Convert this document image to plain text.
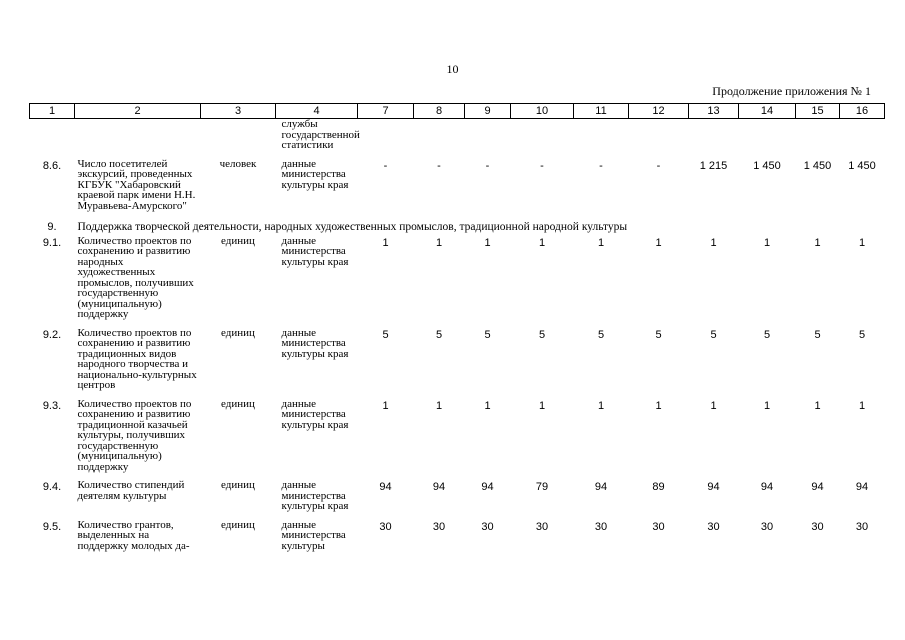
10
Продолжение приложения № 1
1	2	3	4	7	8	9	10	11	12	13	14	15	16
			службы государственной статистики										
8.6.	Число посетителей экскурсий, проведенных КГБУК "Хабаровский краевой парк имени Н.Н. Муравьева-Амурского"	человек	данные министерства культуры края	-	-	-	-	-	-	1 215	1 450	1 450	1 450
9.	Поддержка творческой деятельности, народных художественных промыслов, традиционной народной культуры												
9.1.	Количество проектов по сохранению и развитию народных художественных промыслов, получивших государственную (муниципальную) поддержку	единиц	данные министерства культуры края	1	1	1	1	1	1	1	1	1	1
9.2.	Количество проектов по сохранению и развитию традиционных видов народного творчества и национально-культурных центров	единиц	данные министерства культуры края	5	5	5	5	5	5	5	5	5	5
9.3.	Количество проектов по сохранению и развитию традиционной казачьей культуры, получивших государственную (муниципальную) поддержку	единиц	данные министерства культуры края	1	1	1	1	1	1	1	1	1	1
9.4.	Количество стипендий деятелям культуры	единиц	данные министерства культуры края	94	94	94	79	94	89	94	94	94	94
9.5.	Количество грантов, выделенных на поддержку молодых да-	единиц	данные министерства культуры	30	30	30	30	30	30	30	30	30	30
